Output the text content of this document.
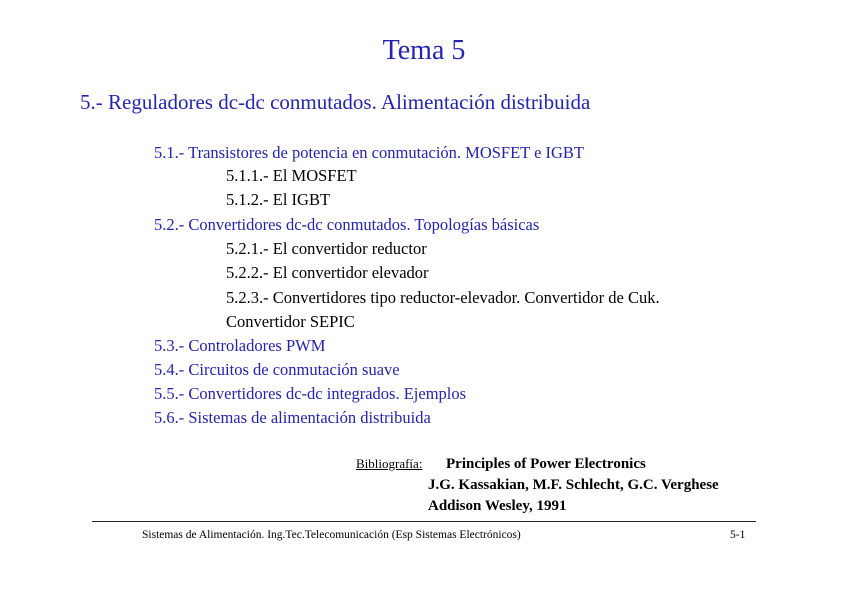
Tema 5
5.- Reguladores dc-dc conmutados. Alimentación distribuida
5.1.- Transistores de potencia en conmutación. MOSFET e IGBT
5.1.1.- El MOSFET
5.1.2.- El IGBT
5.2.- Convertidores dc-dc conmutados. Topologías básicas
5.2.1.- El convertidor reductor
5.2.2.- El convertidor elevador
5.2.3.- Convertidores tipo reductor-elevador. Convertidor de Cuk.
Convertidor SEPIC
5.3.- Controladores PWM
5.4.- Circuitos de conmutación suave
5.5.- Convertidores dc-dc integrados. Ejemplos
5.6.- Sistemas de alimentación distribuida
Bibliografía: Principles of Power Electronics
J.G. Kassakian, M.F. Schlecht, G.C. Verghese
Addison Wesley, 1991
Sistemas de Alimentación. Ing.Tec.Telecomunicación (Esp Sistemas Electrónicos)	5-1
